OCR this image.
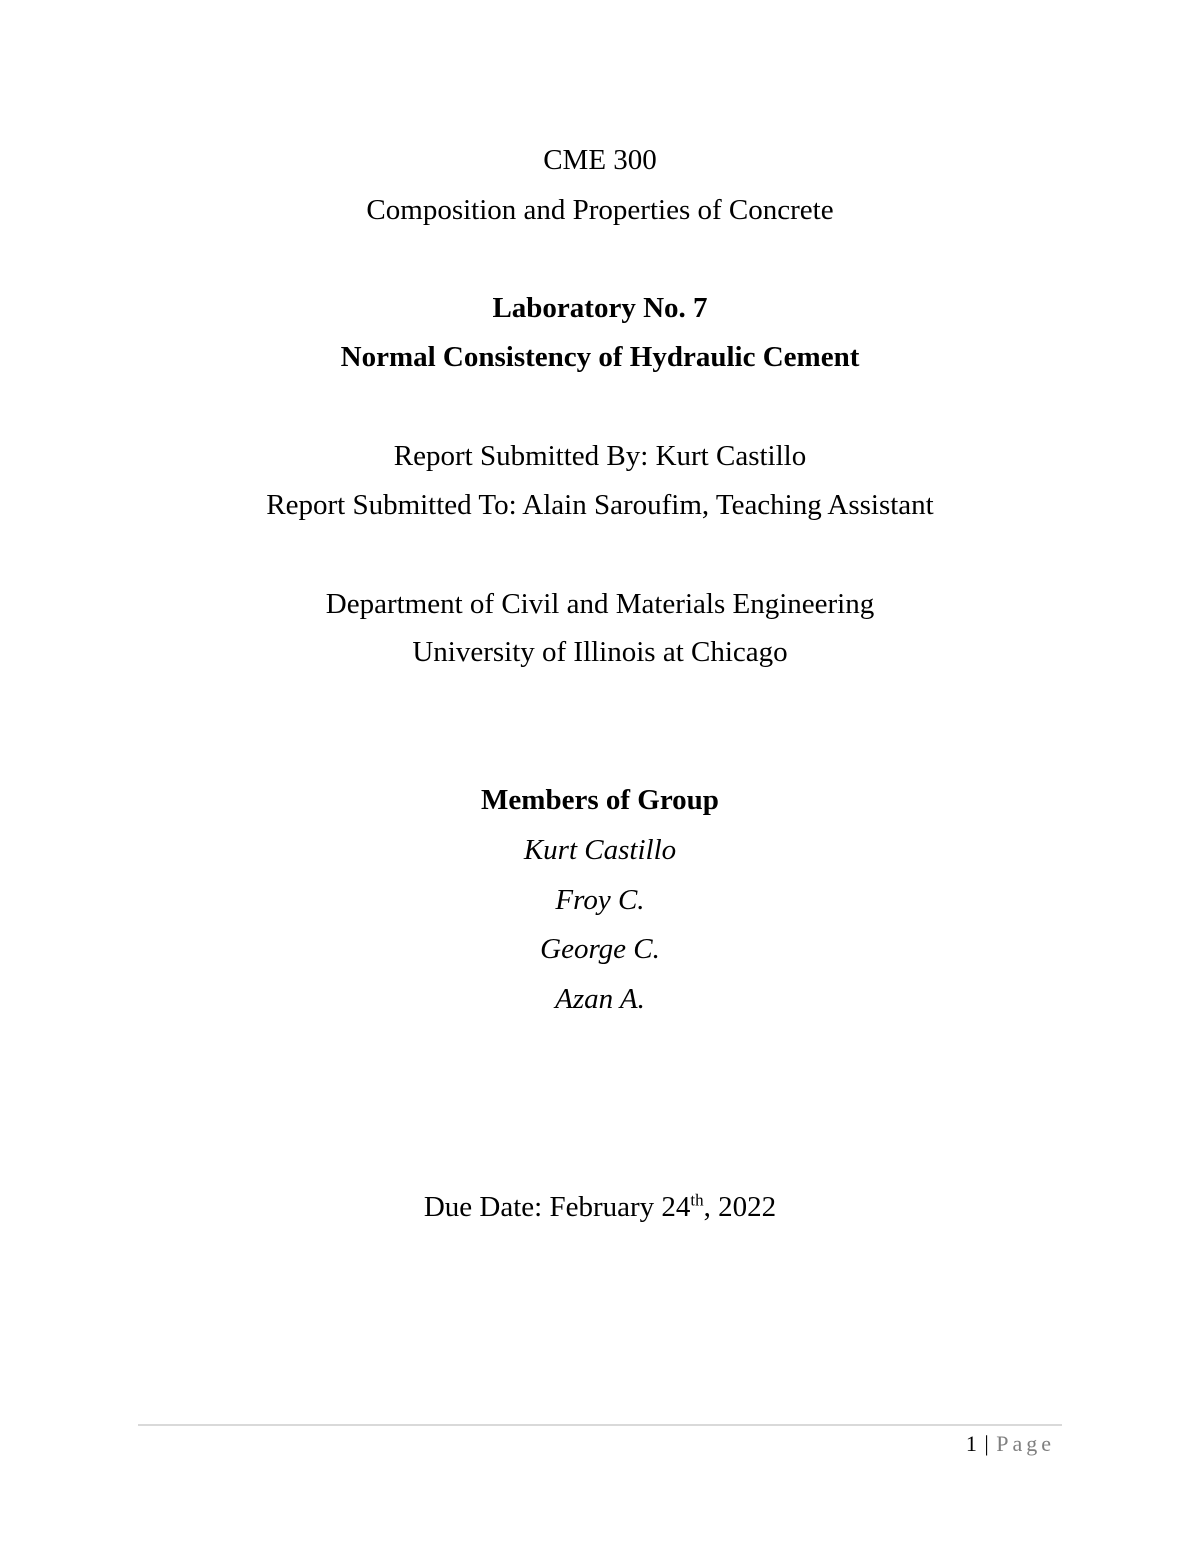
CME 300
Composition and Properties of Concrete
Laboratory No. 7
Normal Consistency of Hydraulic Cement
Report Submitted By: Kurt Castillo
Report Submitted To: Alain Saroufim, Teaching Assistant
Department of Civil and Materials Engineering
University of Illinois at Chicago
Members of Group
Kurt Castillo
Froy C.
George C.
Azan A.
Due Date: February 24th, 2022
1 | Page
